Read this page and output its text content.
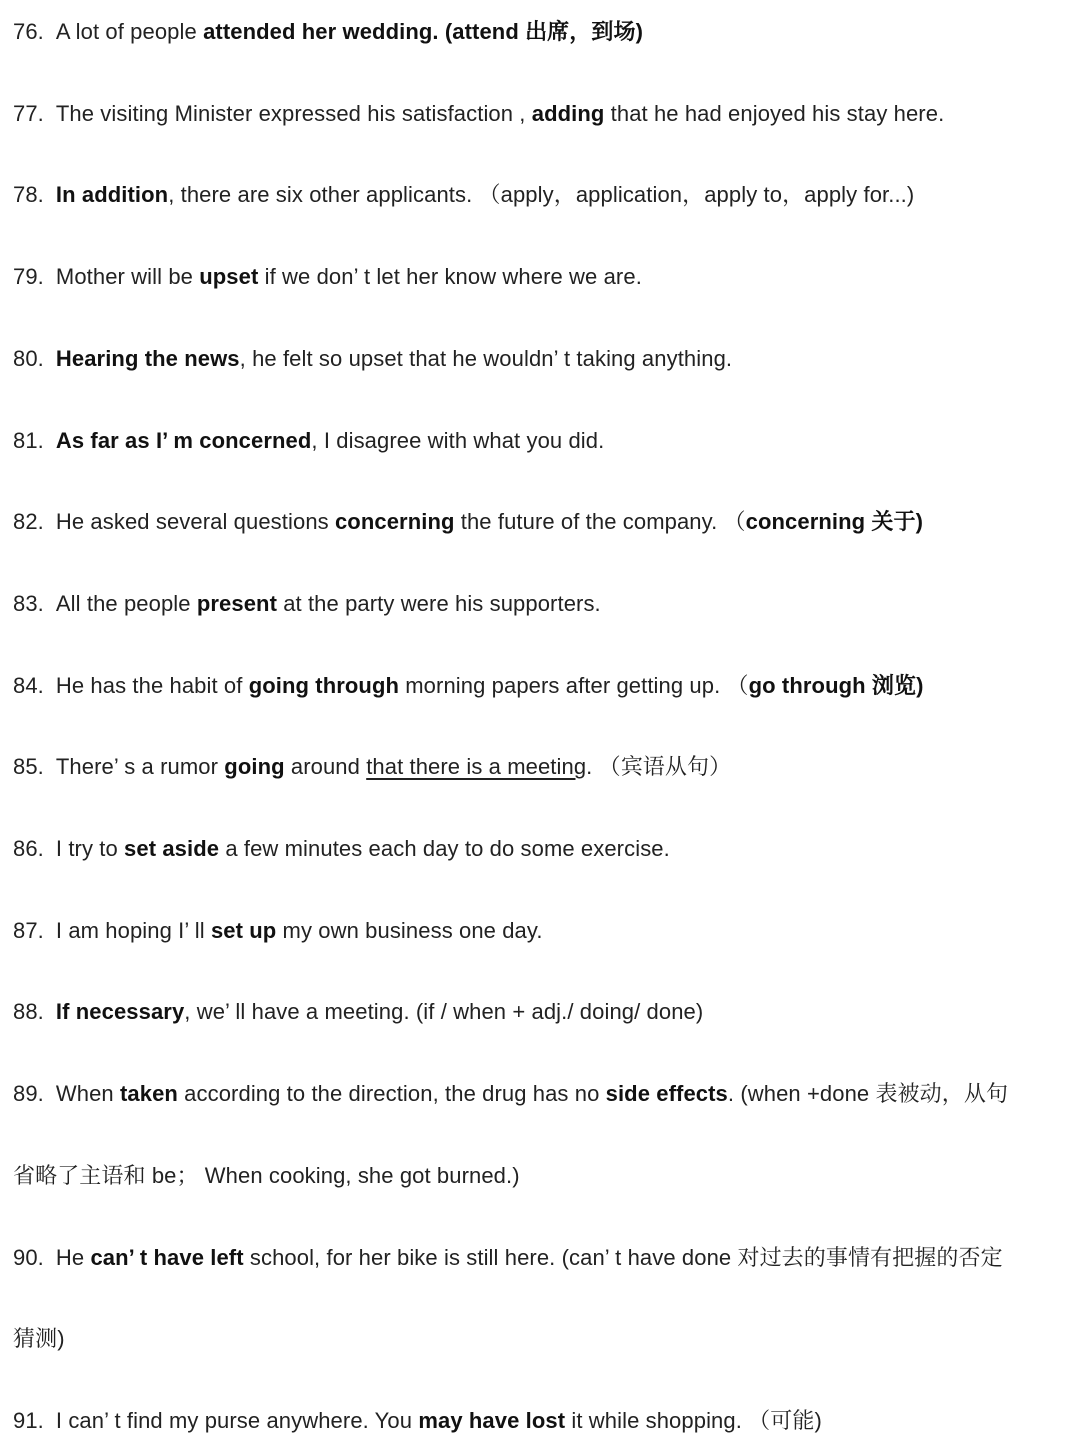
76. A lot of people attended her wedding. (attend 出席，到场)
77. The visiting Minister expressed his satisfaction , adding that he had enjoyed his stay here.
78. In addition, there are six other applicants. （apply，application，apply to，apply for...)
79. Mother will be upset if we don’ t let her know where we are.
80. Hearing the news, he felt so upset that he wouldn’ t taking anything.
81. As far as I’ m concerned, I disagree with what you did.
82. He asked several questions concerning the future of the company. （concerning 关于)
83. All the people present at the party were his supporters.
84. He has the habit of going through morning papers after getting up. （go through 浏览)
85. There’ s a rumor going around that there is a meeting. （宾语从句）
86. I try to set aside a few minutes each day to do some exercise.
87. I am hoping I’ ll set up my own business one day.
88. If necessary, we’ ll have a meeting. (if / when + adj./ doing/ done)
89. When taken according to the direction, the drug has no side effects. (when +done 表被动，从句
省略了主语和 be； When cooking, she got burned.)
90. He can’ t have left school, for her bike is still here. (can’ t have done 对过去的事情有把握的否定
猜测)
91. I can’ t find my purse anywhere. You may have lost it while shopping. （可能)
